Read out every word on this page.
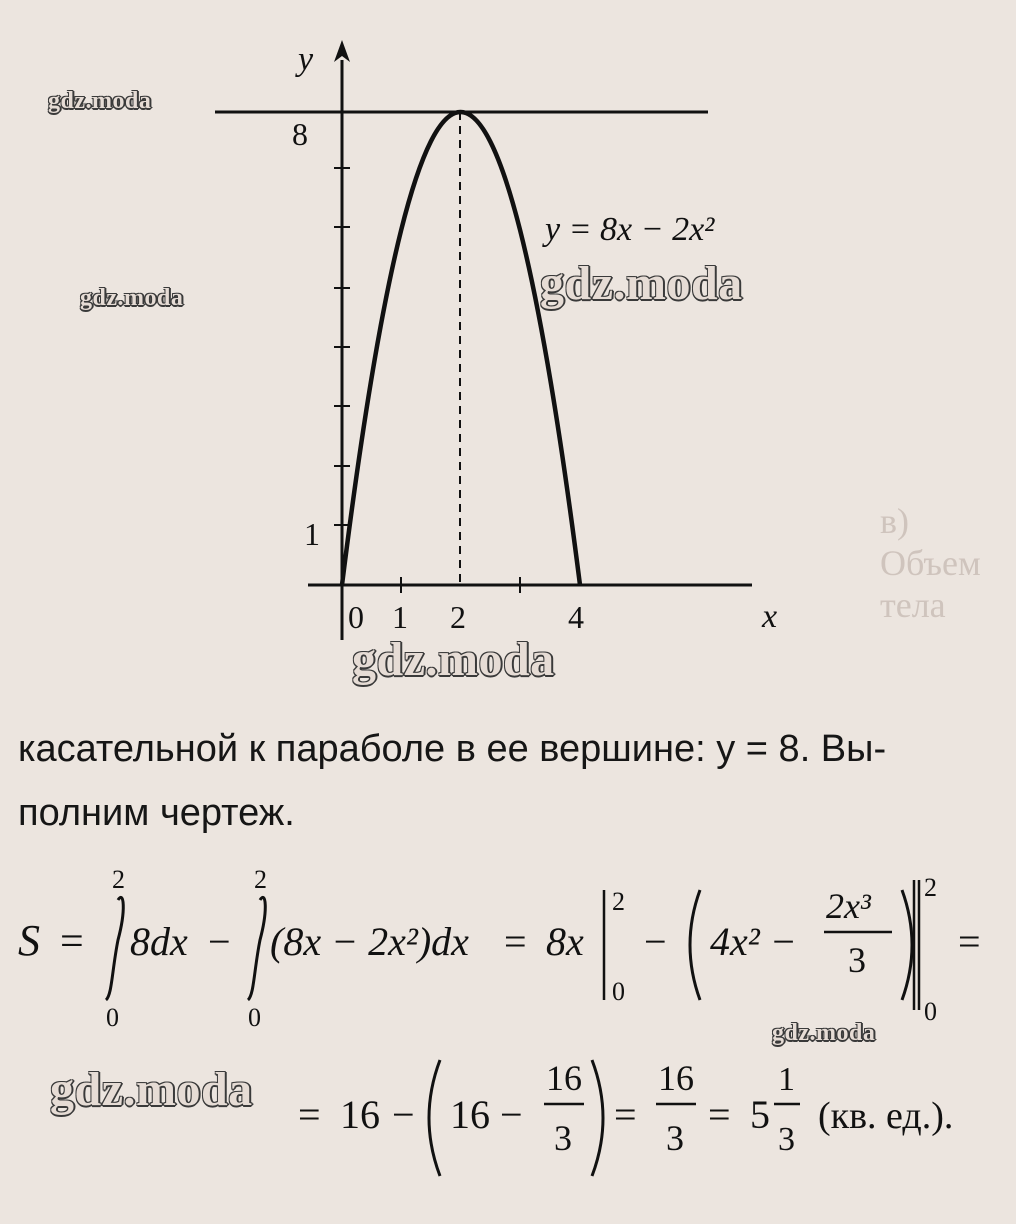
в) Объем тела
y
x
8
1
0 1 2	4
y = 8x − 2x²
gdz.moda
gdz.moda	gdz.moda
gdz.moda
касательной к параболе в ее вершине: y = 8. Вы-
полним чертеж.
S =
2
0
8dx −
2
0
(8x − 2x²)dx = 8x
2
0
− 4x² −
2x³
3
2
0
=
= 16 − 16 −
16
3
=
16
3
= 5
1
3
(кв. ед.).
gdz.moda
gdz.moda
